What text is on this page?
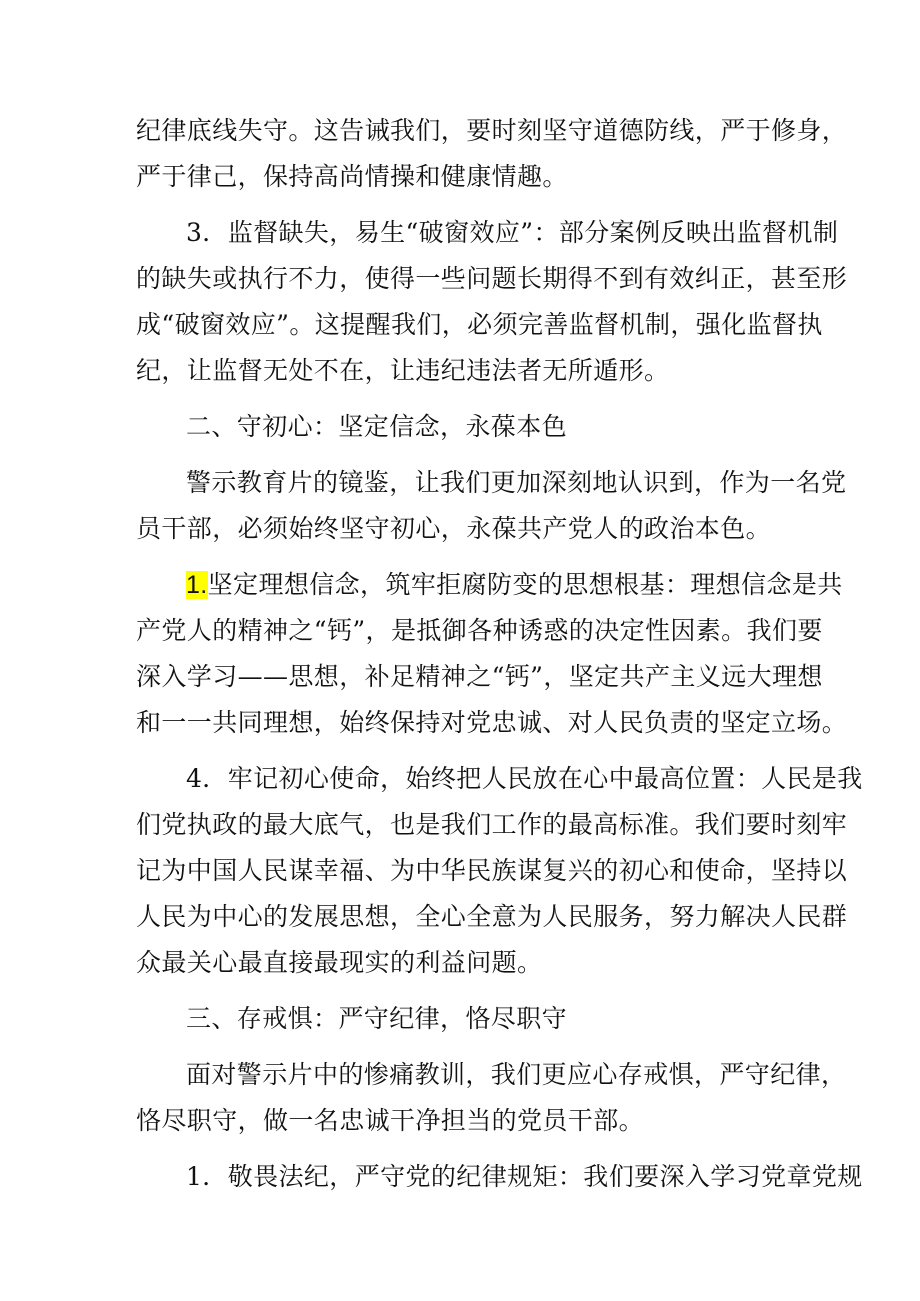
纪律底线失守。这告诫我们，要时刻坚守道德防线，严于修身，
严于律己，保持高尚情操和健康情趣。
3．监督缺失，易生“破窗效应”：部分案例反映出监督机制
的缺失或执行不力，使得一些问题长期得不到有效纠正，甚至形
成“破窗效应”。这提醒我们，必须完善监督机制，强化监督执
纪，让监督无处不在，让违纪违法者无所遁形。
二、守初心：坚定信念，永葆本色
警示教育片的镜鉴，让我们更加深刻地认识到，作为一名党
员干部，必须始终坚守初心，永葆共产党人的政治本色。
1.坚定理想信念，筑牢拒腐防变的思想根基：理想信念是共
产党人的精神之“钙”，是抵御各种诱惑的决定性因素。我们要
深入学习——思想，补足精神之“钙”，坚定共产主义远大理想
和一一共同理想，始终保持对党忠诚、对人民负责的坚定立场。
4．牢记初心使命，始终把人民放在心中最高位置：人民是我
们党执政的最大底气，也是我们工作的最高标准。我们要时刻牢
记为中国人民谋幸福、为中华民族谋复兴的初心和使命，坚持以
人民为中心的发展思想，全心全意为人民服务，努力解决人民群
众最关心最直接最现实的利益问题。
三、存戒惧：严守纪律，恪尽职守
面对警示片中的惨痛教训，我们更应心存戒惧，严守纪律，
恪尽职守，做一名忠诚干净担当的党员干部。
1．敬畏法纪，严守党的纪律规矩：我们要深入学习党章党规
